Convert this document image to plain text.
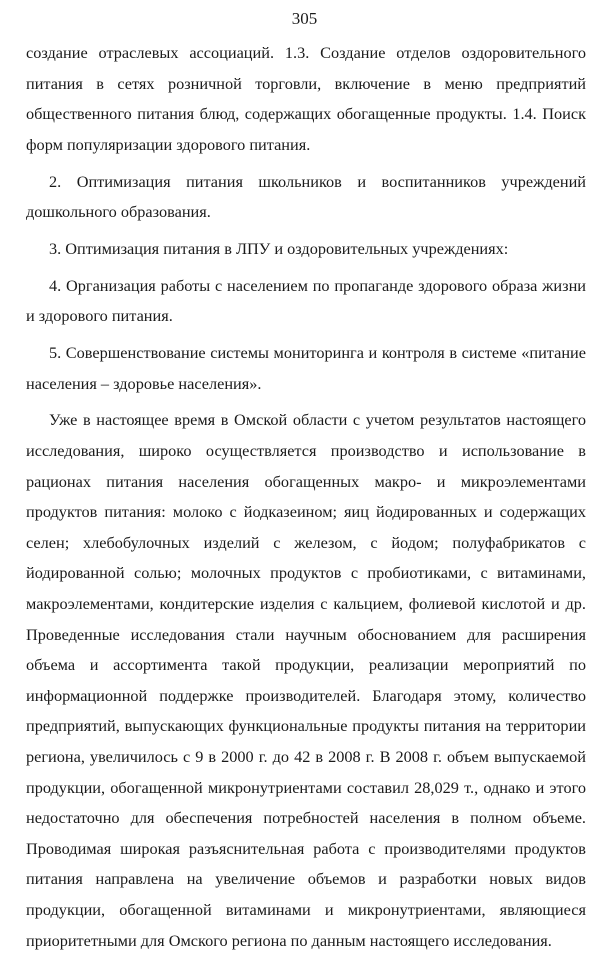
305

создание отраслевых ассоциаций. 1.3. Создание отделов оздоровительного питания в сетях розничной торговли, включение в меню предприятий общественного питания блюд, содержащих обогащенные продукты. 1.4. Поиск форм популяризации здорового питания.

2. Оптимизация питания школьников и воспитанников учреждений дошкольного образования.

3. Оптимизация питания в ЛПУ и оздоровительных учреждениях:

4. Организация работы с населением по пропаганде здорового образа жизни и здорового питания.

5. Совершенствование системы мониторинга и контроля в системе «питание населения – здоровье населения».

Уже в настоящее время в Омской области с учетом результатов настоящего исследования, широко осуществляется производство и использование в рационах питания населения обогащенных макро- и микроэлементами продуктов питания: молоко с йодказеином; яиц йодированных и содержащих селен; хлебобулочных изделий с железом, с йодом; полуфабрикатов с йодированной солью; молочных продуктов с пробиотиками, с витаминами, макроэлементами, кондитерские изделия с кальцием, фолиевой кислотой и др. Проведенные исследования стали научным обоснованием для расширения объема и ассортимента такой продукции, реализации мероприятий по информационной поддержке производителей. Благодаря этому, количество предприятий, выпускающих функциональные продукты питания на территории региона, увеличилось с 9 в 2000 г. до 42 в 2008 г. В 2008 г. объем выпускаемой продукции, обогащенной микронутриентами составил 28,029 т., однако и этого недостаточно для обеспечения потребностей населения в полном объеме. Проводимая широкая разъяснительная работа с производителями продуктов питания направлена на увеличение объемов и разработки новых видов продукции, обогащенной витаминами и микронутриентами, являющиеся приоритетными для Омского региона по данным настоящего исследования.
